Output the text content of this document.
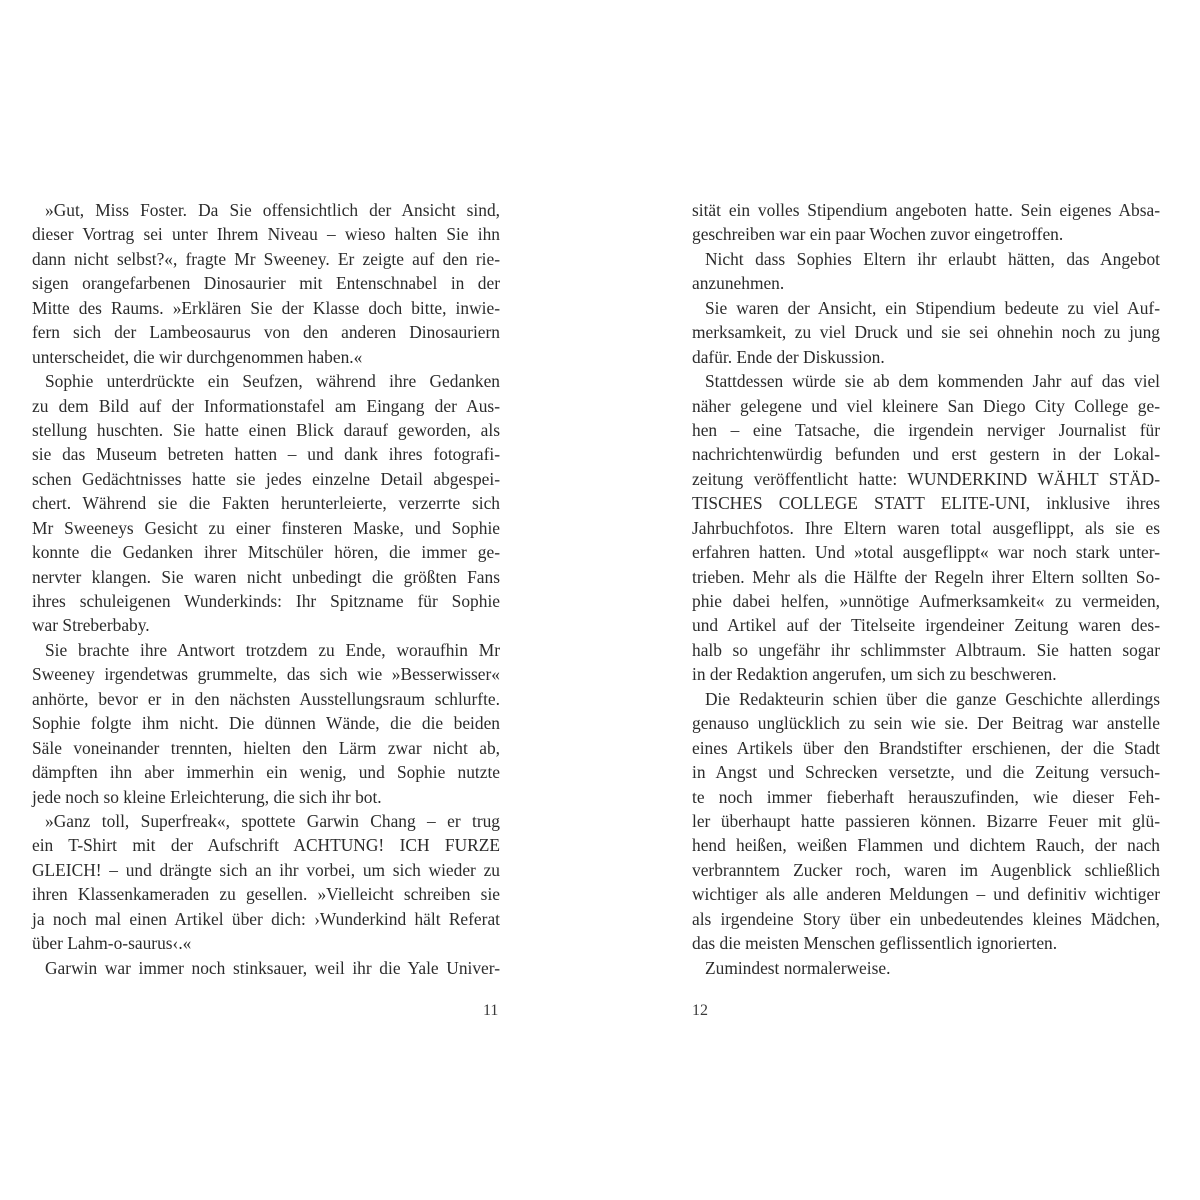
»Gut, Miss Foster. Da Sie offensichtlich der Ansicht sind,
dieser Vortrag sei unter Ihrem Niveau – wieso halten Sie ihn
dann nicht selbst?«, fragte Mr Sweeney. Er zeigte auf den rie-
sigen orangefarbenen Dinosaurier mit Entenschnabel in der
Mitte des Raums. »Erklären Sie der Klasse doch bitte, inwie-
fern sich der Lambeosaurus von den anderen Dinosauriern
unterscheidet, die wir durchgenommen haben.«
Sophie unterdrückte ein Seufzen, während ihre Gedanken
zu dem Bild auf der Informationstafel am Eingang der Aus-
stellung huschten. Sie hatte einen Blick darauf geworden, als
sie das Museum betreten hatten – und dank ihres fotografi-
schen Gedächtnisses hatte sie jedes einzelne Detail abgespei-
chert. Während sie die Fakten herunterleierte, verzerrte sich
Mr Sweeneys Gesicht zu einer finsteren Maske, und Sophie
konnte die Gedanken ihrer Mitschüler hören, die immer ge-
nervter klangen. Sie waren nicht unbedingt die größten Fans
ihres schuleigenen Wunderkinds: Ihr Spitzname für Sophie
war Streberbaby.
Sie brachte ihre Antwort trotzdem zu Ende, woraufhin Mr
Sweeney irgendetwas grummelte, das sich wie »Besserwisser«
anhörte, bevor er in den nächsten Ausstellungsraum schlurfte.
Sophie folgte ihm nicht. Die dünnen Wände, die die beiden
Säle voneinander trennten, hielten den Lärm zwar nicht ab,
dämpften ihn aber immerhin ein wenig, und Sophie nutzte
jede noch so kleine Erleichterung, die sich ihr bot.
»Ganz toll, Superfreak«, spottete Garwin Chang – er trug
ein T-Shirt mit der Aufschrift ACHTUNG! ICH FURZE
GLEICH! – und drängte sich an ihr vorbei, um sich wieder zu
ihren Klassenkameraden zu gesellen. »Vielleicht schreiben sie
ja noch mal einen Artikel über dich: ›Wunderkind hält Referat
über Lahm-o-saurus‹.«
Garwin war immer noch stinksauer, weil ihr die Yale Univer-
sität ein volles Stipendium angeboten hatte. Sein eigenes Absa-
geschreiben war ein paar Wochen zuvor eingetroffen.
Nicht dass Sophies Eltern ihr erlaubt hätten, das Angebot
anzunehmen.
Sie waren der Ansicht, ein Stipendium bedeute zu viel Auf-
merksamkeit, zu viel Druck und sie sei ohnehin noch zu jung
dafür. Ende der Diskussion.
Stattdessen würde sie ab dem kommenden Jahr auf das viel
näher gelegene und viel kleinere San Diego City College ge-
hen – eine Tatsache, die irgendein nerviger Journalist für
nachrichtenwürdig befunden und erst gestern in der Lokal-
zeitung veröffentlicht hatte: WUNDERKIND WÄHLT STÄD-
TISCHES COLLEGE STATT ELITE-UNI, inklusive ihres
Jahrbuchfotos. Ihre Eltern waren total ausgeflippt, als sie es
erfahren hatten. Und »total ausgeflippt« war noch stark unter-
trieben. Mehr als die Hälfte der Regeln ihrer Eltern sollten So-
phie dabei helfen, »unnötige Aufmerksamkeit« zu vermeiden,
und Artikel auf der Titelseite irgendeiner Zeitung waren des-
halb so ungefähr ihr schlimmster Albtraum. Sie hatten sogar
in der Redaktion angerufen, um sich zu beschweren.
Die Redakteurin schien über die ganze Geschichte allerdings
genauso unglücklich zu sein wie sie. Der Beitrag war anstelle
eines Artikels über den Brandstifter erschienen, der die Stadt
in Angst und Schrecken versetzte, und die Zeitung versuch-
te noch immer fieberhaft herauszufinden, wie dieser Feh-
ler überhaupt hatte passieren können. Bizarre Feuer mit glü-
hend heißen, weißen Flammen und dichtem Rauch, der nach
verbranntem Zucker roch, waren im Augenblick schließlich
wichtiger als alle anderen Meldungen – und definitiv wichtiger
als irgendeine Story über ein unbedeutendes kleines Mädchen,
das die meisten Menschen geflissentlich ignorierten.
Zumindest normalerweise.
11	12
